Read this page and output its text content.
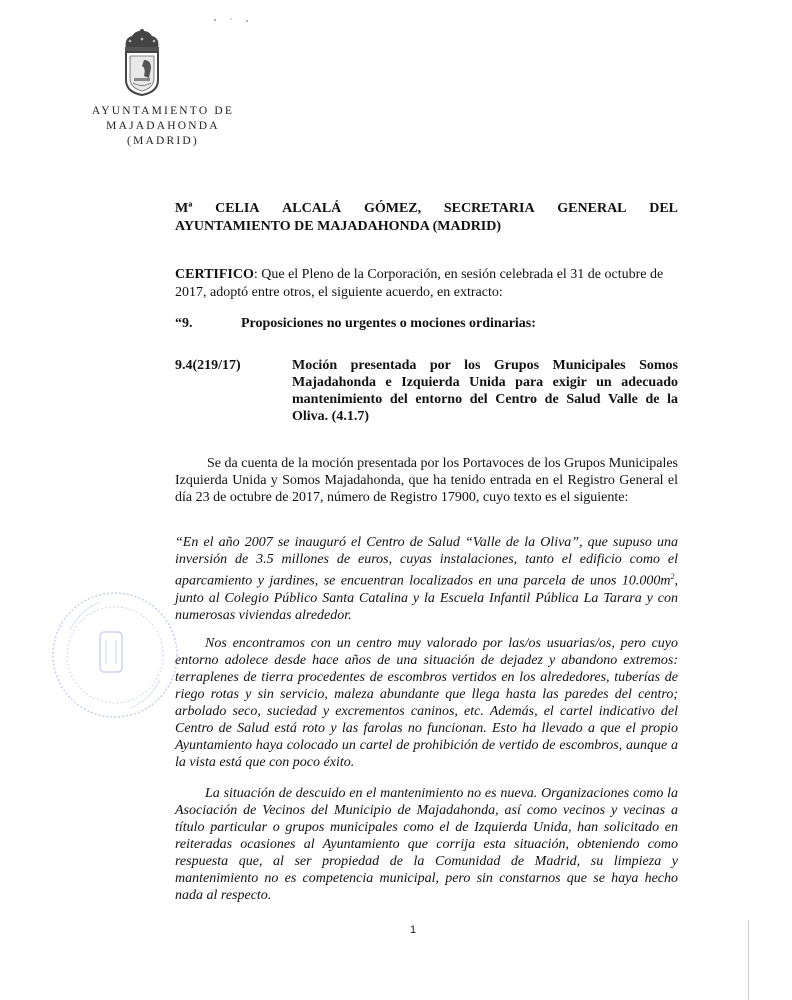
AYUNTAMIENTO DE
MAJADAHONDA
(MADRID)
Mª CELIA ALCALÁ GÓMEZ, SECRETARIA GENERAL DEL
AYUNTAMIENTO DE MAJADAHONDA (MADRID)
CERTIFICO: Que el Pleno de la Corporación, en sesión celebrada el 31 de octubre de 2017, adoptó entre otros, el siguiente acuerdo, en extracto:
“9.	Proposiciones no urgentes o mociones ordinarias:
9.4(219/17)	Moción presentada por los Grupos Municipales Somos Majadahonda e Izquierda Unida para exigir un adecuado mantenimiento del entorno del Centro de Salud Valle de la Oliva. (4.1.7)
Se da cuenta de la moción presentada por los Portavoces de los Grupos Municipales Izquierda Unida y Somos Majadahonda, que ha tenido entrada en el Registro General el día 23 de octubre de 2017, número de Registro 17900, cuyo texto es el siguiente:
“En el año 2007 se inauguró el Centro de Salud “Valle de la Oliva”, que supuso una inversión de 3.5 millones de euros, cuyas instalaciones, tanto el edificio como el aparcamiento y jardines, se encuentran localizados en una parcela de unos $10.000m^2$, junto al Colegio Público Santa Catalina y la Escuela Infantil Pública La Tarara y con numerosas viviendas alrededor.
Nos encontramos con un centro muy valorado por las/os usuarias/os, pero cuyo entorno adolece desde hace años de una situación de dejadez y abandono extremos: terraplenes de tierra procedentes de escombros vertidos en los alrededores, tuberías de riego rotas y sin servicio, maleza abundante que llega hasta las paredes del centro; arbolado seco, suciedad y excrementos caninos, etc. Además, el cartel indicativo del Centro de Salud está roto y las farolas no funcionan. Esto ha llevado a que el propio Ayuntamiento haya colocado un cartel de prohibición de vertido de escombros, aunque a la vista está que con poco éxito.
La situación de descuido en el mantenimiento no es nueva. Organizaciones como la Asociación de Vecinos del Municipio de Majadahonda, así como vecinos y vecinas a título particular o grupos municipales como el de Izquierda Unida, han solicitado en reiteradas ocasiones al Ayuntamiento que corrija esta situación, obteniendo como respuesta que, al ser propiedad de la Comunidad de Madrid, su limpieza y mantenimiento no es competencia municipal, pero sin constarnos que se haya hecho nada al respecto.
1
